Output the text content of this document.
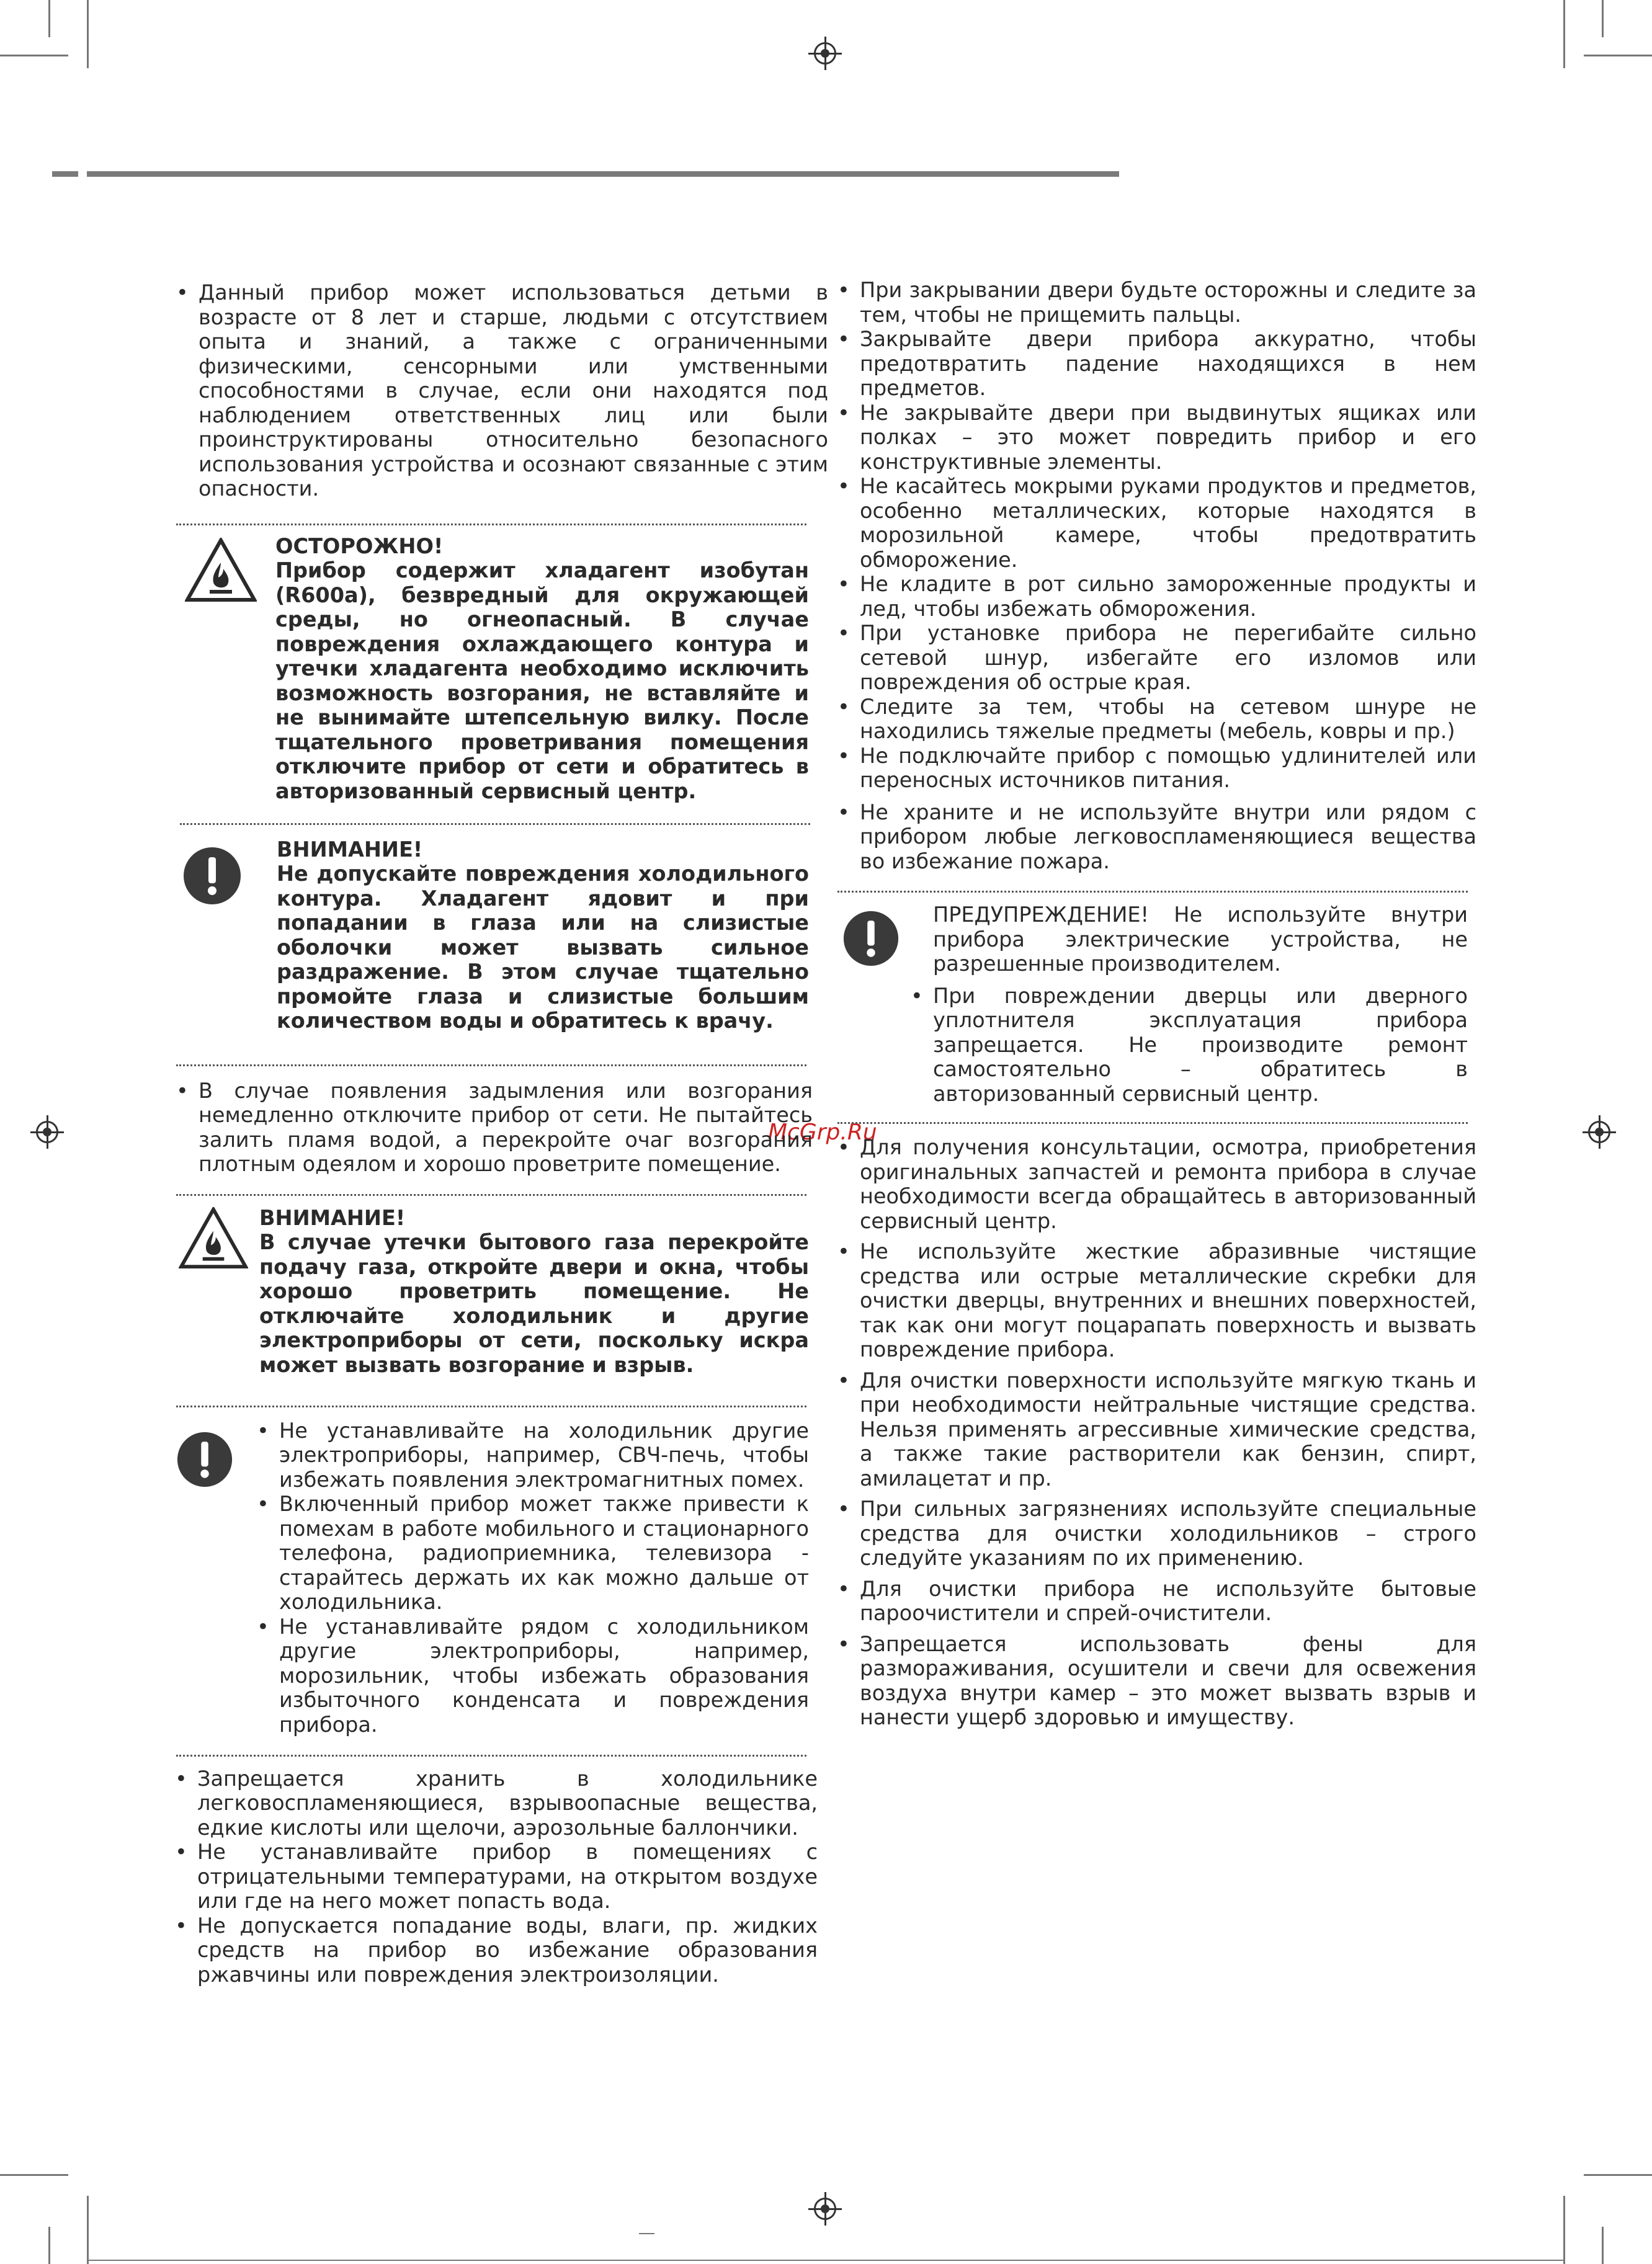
McGrp.Ru

• Данный прибор может использоваться детьми в возрасте от 8 лет и старше, людьми с отсутствием опыта и знаний, а также с ограниченными физическими, сенсорными или умственными способностями в случае, если они находятся под наблюдением ответственных лиц или были проинструктированы относительно безопасного использования устройства и осознают связанные с этим опасности.

ОСТОРОЖНО!
Прибор содержит хладагент изобутан (R600a), безвредный для окружающей среды, но огнеопасный. В случае повреждения охлаждающего контура и утечки хладагента необходимо исключить возможность возгорания, не вставляйте и не вынимайте штепсельную вилку. После тщательного проветривания помещения отключите прибор от сети и обратитесь в авторизованный сервисный центр.
ВНИМАНИЕ!
Не допускайте повреждения холодильного контура. Хладагент ядовит и при попадании в глаза или на слизистые оболочки может вызвать сильное раздражение. В этом случае тщательно промойте глаза и слизистые большим количеством воды и обратитесь к врачу.

• В случае появления задымления или возгорания немедленно отключите прибор от сети. Не пытайтесь залить пламя водой, а перекройте очаг возгорания плотным одеялом и хорошо проветрите помещение.

ВНИМАНИЕ!
В случае утечки бытового газа перекройте подачу газа, откройте двери и окна, чтобы хорошо проветрить помещение. Не отключайте холодильник и другие электроприборы от сети, поскольку искра может вызвать возгорание и взрыв.

• Не устанавливайте на холодильник другие электроприборы, например, СВЧ-печь, чтобы избежать появления электромагнитных помех.

• Включенный прибор может также привести к помехам в работе мобильного и стационарного телефона, радиоприемника, телевизора - старайтесь держать их как можно дальше от холодильника.

• Не устанавливайте рядом с холодильником другие электроприборы, например, морозильник, чтобы избежать образования избыточного конденсата и повреждения прибора.

• Запрещается хранить в холодильнике легковоспламеняющиеся, взрывоопасные вещества, едкие кислоты или щелочи, аэрозольные баллончики.

• Не устанавливайте прибор в помещениях с отрицательными температурами, на открытом воздухе или где на него может попасть вода.

• Не допускается попадание воды, влаги, пр. жидких средств на прибор во избежание образования ржавчины или повреждения электроизоляции.

• При закрывании двери будьте осторожны и следите за тем, чтобы не прищемить пальцы.

• Закрывайте двери прибора аккуратно, чтобы предотвратить падение находящихся в нем предметов.

• Не закрывайте двери при выдвинутых ящиках или полках – это может повредить прибор и его конструктивные элементы.

• Не касайтесь мокрыми руками продуктов и предметов, особенно металлических, которые находятся в морозильной камере, чтобы предотвратить обморожение.

• Не кладите в рот сильно замороженные продукты и лед, чтобы избежать обморожения.

• При установке прибора не перегибайте сильно сетевой шнур, избегайте его изломов или повреждения об острые края.

• Следите за тем, чтобы на сетевом шнуре не находились тяжелые предметы (мебель, ковры и пр.)

• Не подключайте прибор с помощью удлинителей или переносных источников питания.

• Не храните и не используйте внутри или рядом с прибором любые легковоспламеняющиеся вещества во избежание пожара.

ПРЕДУПРЕЖДЕНИЕ! Не используйте внутри прибора электрические устройства, не разрешенные производителем.

• При повреждении дверцы или дверного уплотнителя эксплуатация прибора запрещается. Не производите ремонт самостоятельно – обратитесь в авторизованный сервисный центр.

• Для получения консультации, осмотра, приобретения оригинальных запчастей и ремонта прибора в случае необходимости всегда обращайтесь в авторизованный сервисный центр.

• Не используйте жесткие абразивные чистящие средства или острые металлические скребки для очистки дверцы, внутренних и внешних поверхностей, так как они могут поцарапать поверхность и вызвать повреждение прибора.

• Для очистки поверхности используйте мягкую ткань и при необходимости нейтральные чистящие средства. Нельзя применять агрессивные химические средства, а также такие растворители как бензин, спирт, амилацетат и пр.

• При сильных загрязнениях используйте специальные средства для очистки холодильников – строго следуйте указаниям по их применению.

• Для очистки прибора не используйте бытовые пароочистители и спрей-очистители.

• Запрещается использовать фены для размораживания, осушители и свечи для освежения воздуха внутри камер – это может вызвать взрыв и нанести ущерб здоровью и имуществу.
